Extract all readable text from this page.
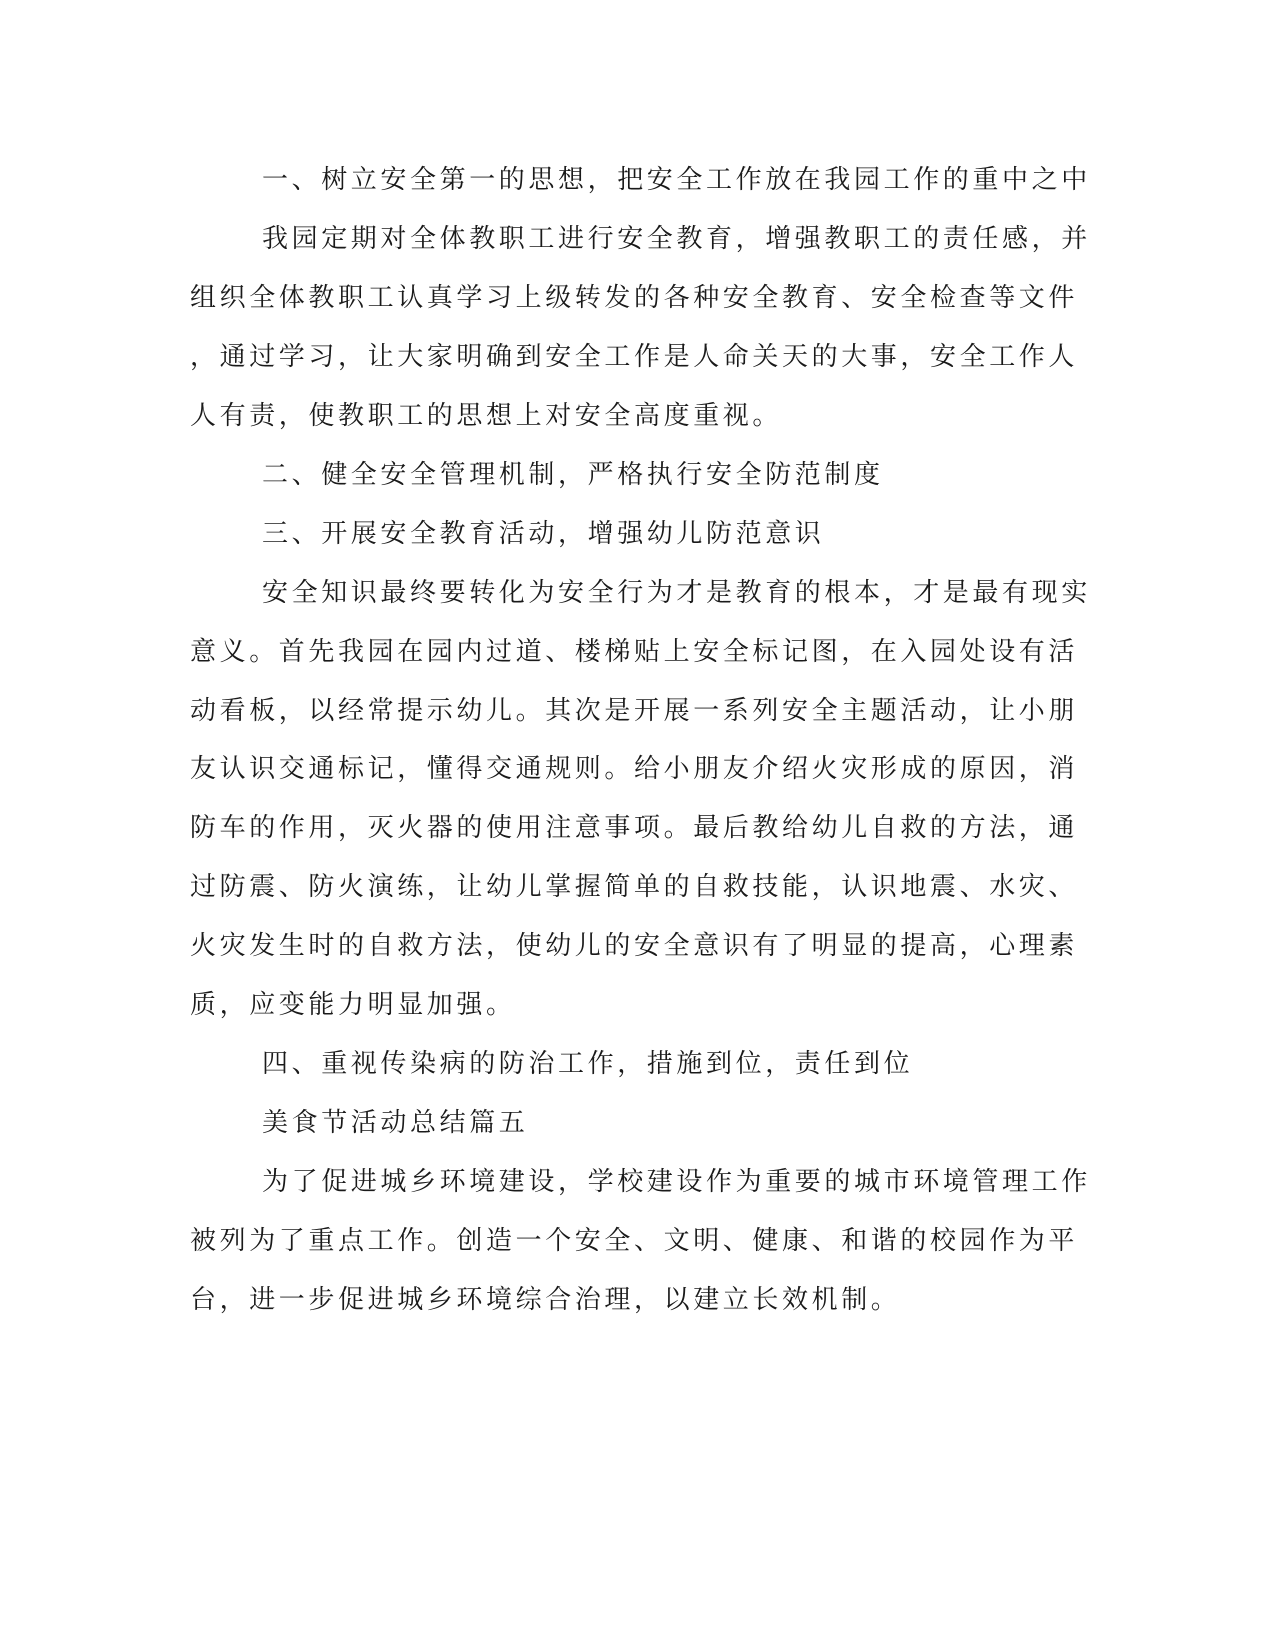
一、树立安全第一的思想，把安全工作放在我园工作的重中之中
我园定期对全体教职工进行安全教育，增强教职工的责任感，并
组织全体教职工认真学习上级转发的各种安全教育、安全检查等文件
，通过学习，让大家明确到安全工作是人命关天的大事，安全工作人
人有责，使教职工的思想上对安全高度重视。
二、健全安全管理机制，严格执行安全防范制度
三、开展安全教育活动，增强幼儿防范意识
安全知识最终要转化为安全行为才是教育的根本，才是最有现实
意义。首先我园在园内过道、楼梯贴上安全标记图，在入园处设有活
动看板，以经常提示幼儿。其次是开展一系列安全主题活动，让小朋
友认识交通标记，懂得交通规则。给小朋友介绍火灾形成的原因，消
防车的作用，灭火器的使用注意事项。最后教给幼儿自救的方法，通
过防震、防火演练，让幼儿掌握简单的自救技能，认识地震、水灾、
火灾发生时的自救方法，使幼儿的安全意识有了明显的提高，心理素
质，应变能力明显加强。
四、重视传染病的防治工作，措施到位，责任到位
美食节活动总结篇五
为了促进城乡环境建设，学校建设作为重要的城市环境管理工作
被列为了重点工作。创造一个安全、文明、健康、和谐的校园作为平
台，进一步促进城乡环境综合治理，以建立长效机制。
